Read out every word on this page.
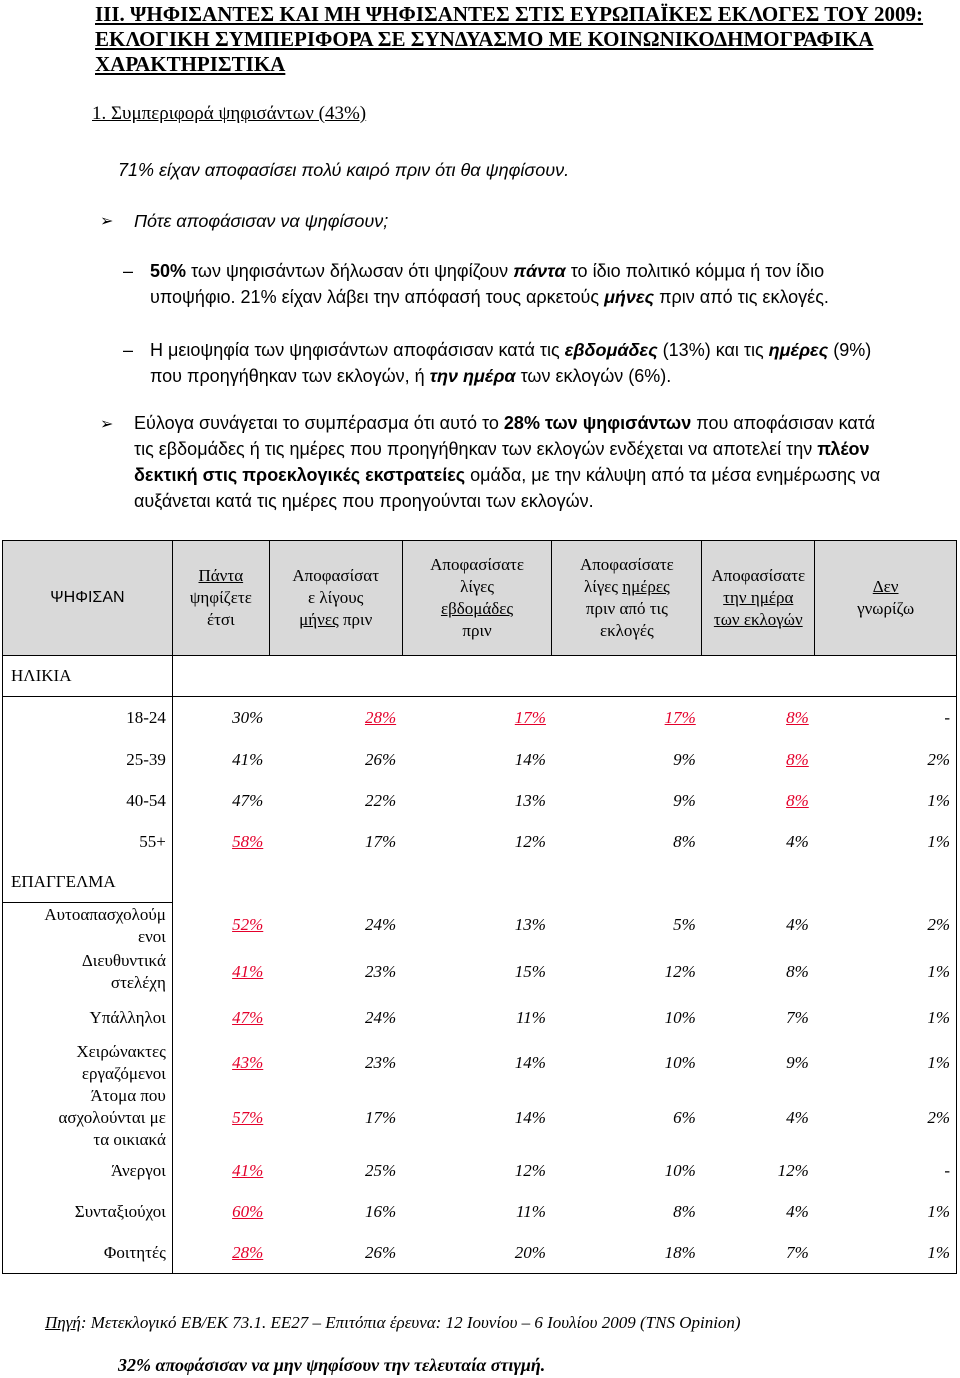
III. ΨΗΦΙΣΑΝΤΕΣ ΚΑΙ ΜΗ ΨΗΦΙΣΑΝΤΕΣ ΣΤΙΣ ΕΥΡΩΠΑΪΚΕΣ ΕΚΛΟΓΕΣ ΤΟΥ 2009: ΕΚΛΟΓΙΚΗ ΣΥΜΠΕΡΙΦΟΡΑ ΣΕ ΣΥΝΔΥΑΣΜΟ ΜΕ ΚΟΙΝΩΝΙΚΟΔΗΜΟΓΡΑΦΙΚΑ ΧΑΡΑΚΤΗΡΙΣΤΙΚΑ
1. Συμπεριφορά ψηφισάντων (43%)
71% είχαν αποφασίσει πολύ καιρό πριν ότι θα ψηφίσουν.
➢ Πότε αποφάσισαν να ψηφίσουν;
– 50% των ψηφισάντων δήλωσαν ότι ψηφίζουν πάντα το ίδιο πολιτικό κόμμα ή τον ίδιο
υποψήφιο. 21% είχαν λάβει την απόφασή τους αρκετούς μήνες πριν από τις εκλογές.
– Η μειοψηφία των ψηφισάντων αποφάσισαν κατά τις εβδομάδες (13%) και τις ημέρες (9%)
που προηγήθηκαν των εκλογών, ή την ημέρα των εκλογών (6%).
➢ Εύλογα συνάγεται το συμπέρασμα ότι αυτό το 28% των ψηφισάντων που αποφάσισαν κατά
τις εβδομάδες ή τις ημέρες που προηγήθηκαν των εκλογών ενδέχεται να αποτελεί την πλέον
δεκτική στις προεκλογικές εκστρατείες ομάδα, με την κάλυψη από τα μέσα ενημέρωσης να
αυξάνεται κατά τις ημέρες που προηγούνται των εκλογών.
ΨΗΦΙΣΑΝ	Πάντα
ψηφίζετε
έτσι	Αποφασίσατ
ε λίγους
μήνες πριν	Αποφασίσατε
λίγες
εβδομάδες
πριν	Αποφασίσατε
λίγες ημέρες
πριν από τις
εκλογές	Αποφασίσατε
την ημέρα
των εκλογών	Δεν
γνωρίζω
ΗΛΙΚΙΑ						
18-24	30%	28%	17%	17%	8%	-
25-39	41%	26%	14%	9%	8%	2%
40-54	47%	22%	13%	9%	8%	1%
55+	58%	17%	12%	8%	4%	1%
ΕΠΑΓΓΕΛΜΑ						
Αυτοαπασχολούμ
ενοι	52%	24%	13%	5%	4%	2%
Διευθυντικά
στελέχη	41%	23%	15%	12%	8%	1%
Υπάλληλοι	47%	24%	11%	10%	7%	1%
Χειρώνακτες
εργαζόμενοι	43%	23%	14%	10%	9%	1%
Άτομα που
ασχολούνται με
τα οικιακά	57%	17%	14%	6%	4%	2%
Άνεργοι	41%	25%	12%	10%	12%	-
Συνταξιούχοι	60%	16%	11%	8%	4%	1%
Φοιτητές	28%	26%	20%	18%	7%	1%
Πηγή: Μετεκλογικό ΕΒ/ΕΚ 73.1. ΕΕ27 – Επιτόπια έρευνα: 12 Ιουνίου – 6 Ιουλίου 2009 (TNS Opinion)
32% αποφάσισαν να μην ψηφίσουν την τελευταία στιγμή.
